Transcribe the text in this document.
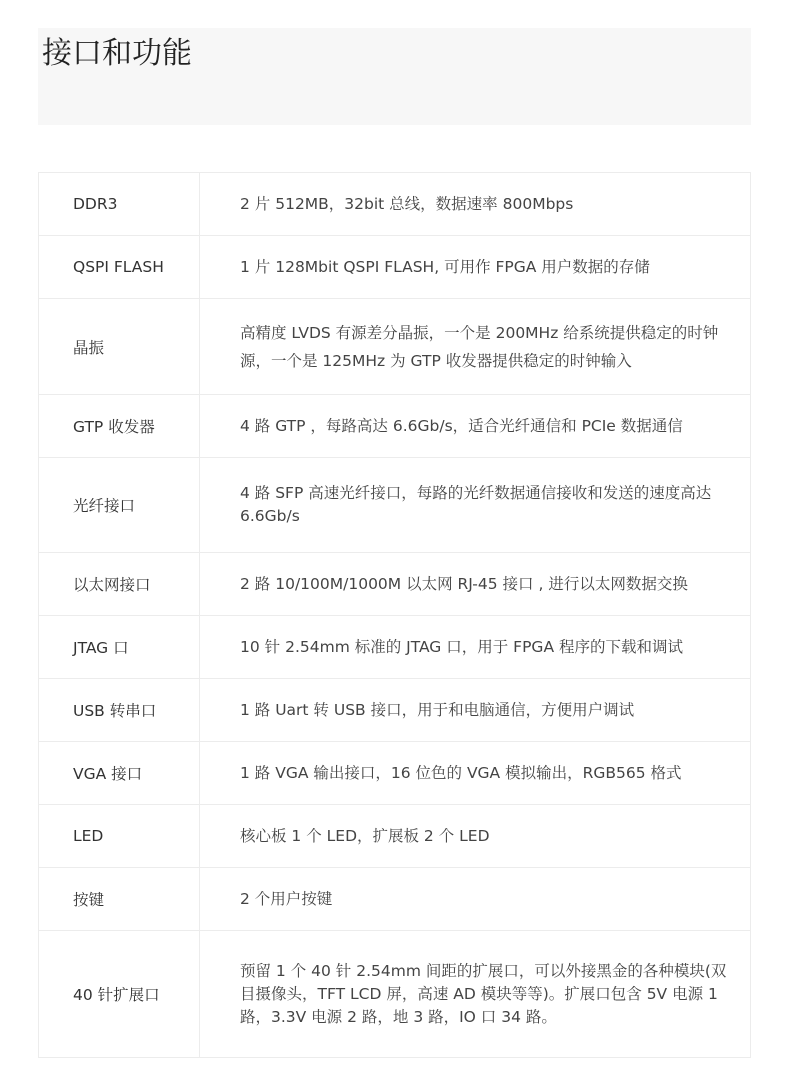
接口和功能
DDR3	2 片 512MB，32bit 总线，数据速率 800Mbps

QSPI FLASH	1 片 128Mbit QSPI FLASH, 可用作 FPGA 用户数据的存储

晶振	高精度 LVDS 有源差分晶振，一个是 200MHz 给系统提供稳定的时钟源，一个是 125MHz 为 GTP 收发器提供稳定的时钟输入

GTP 收发器	4 路 GTP ，每路高达 6.6Gb/s，适合光纤通信和 PCIe 数据通信

光纤接口	4 路 SFP 高速光纤接口，每路的光纤数据通信接收和发送的速度高达 6.6Gb/s

以太网接口	2 路 10/100M/1000M 以太网 RJ-45 接口 , 进行以太网数据交换

JTAG 口	10 针 2.54mm 标准的 JTAG 口，用于 FPGA 程序的下载和调试

USB 转串口	1 路 Uart 转 USB 接口，用于和电脑通信，方便用户调试

VGA 接口	1 路 VGA 输出接口，16 位色的 VGA 模拟输出，RGB565 格式

LED	核心板 1 个 LED，扩展板 2 个 LED

按键	2 个用户按键

40 针扩展口	预留 1 个 40 针 2.54mm 间距的扩展口，可以外接黑金的各种模块(双目摄像头，TFT LCD 屏，高速 AD 模块等等)。扩展口包含 5V 电源 1 路，3.3V 电源 2 路，地 3 路，IO 口 34 路。
